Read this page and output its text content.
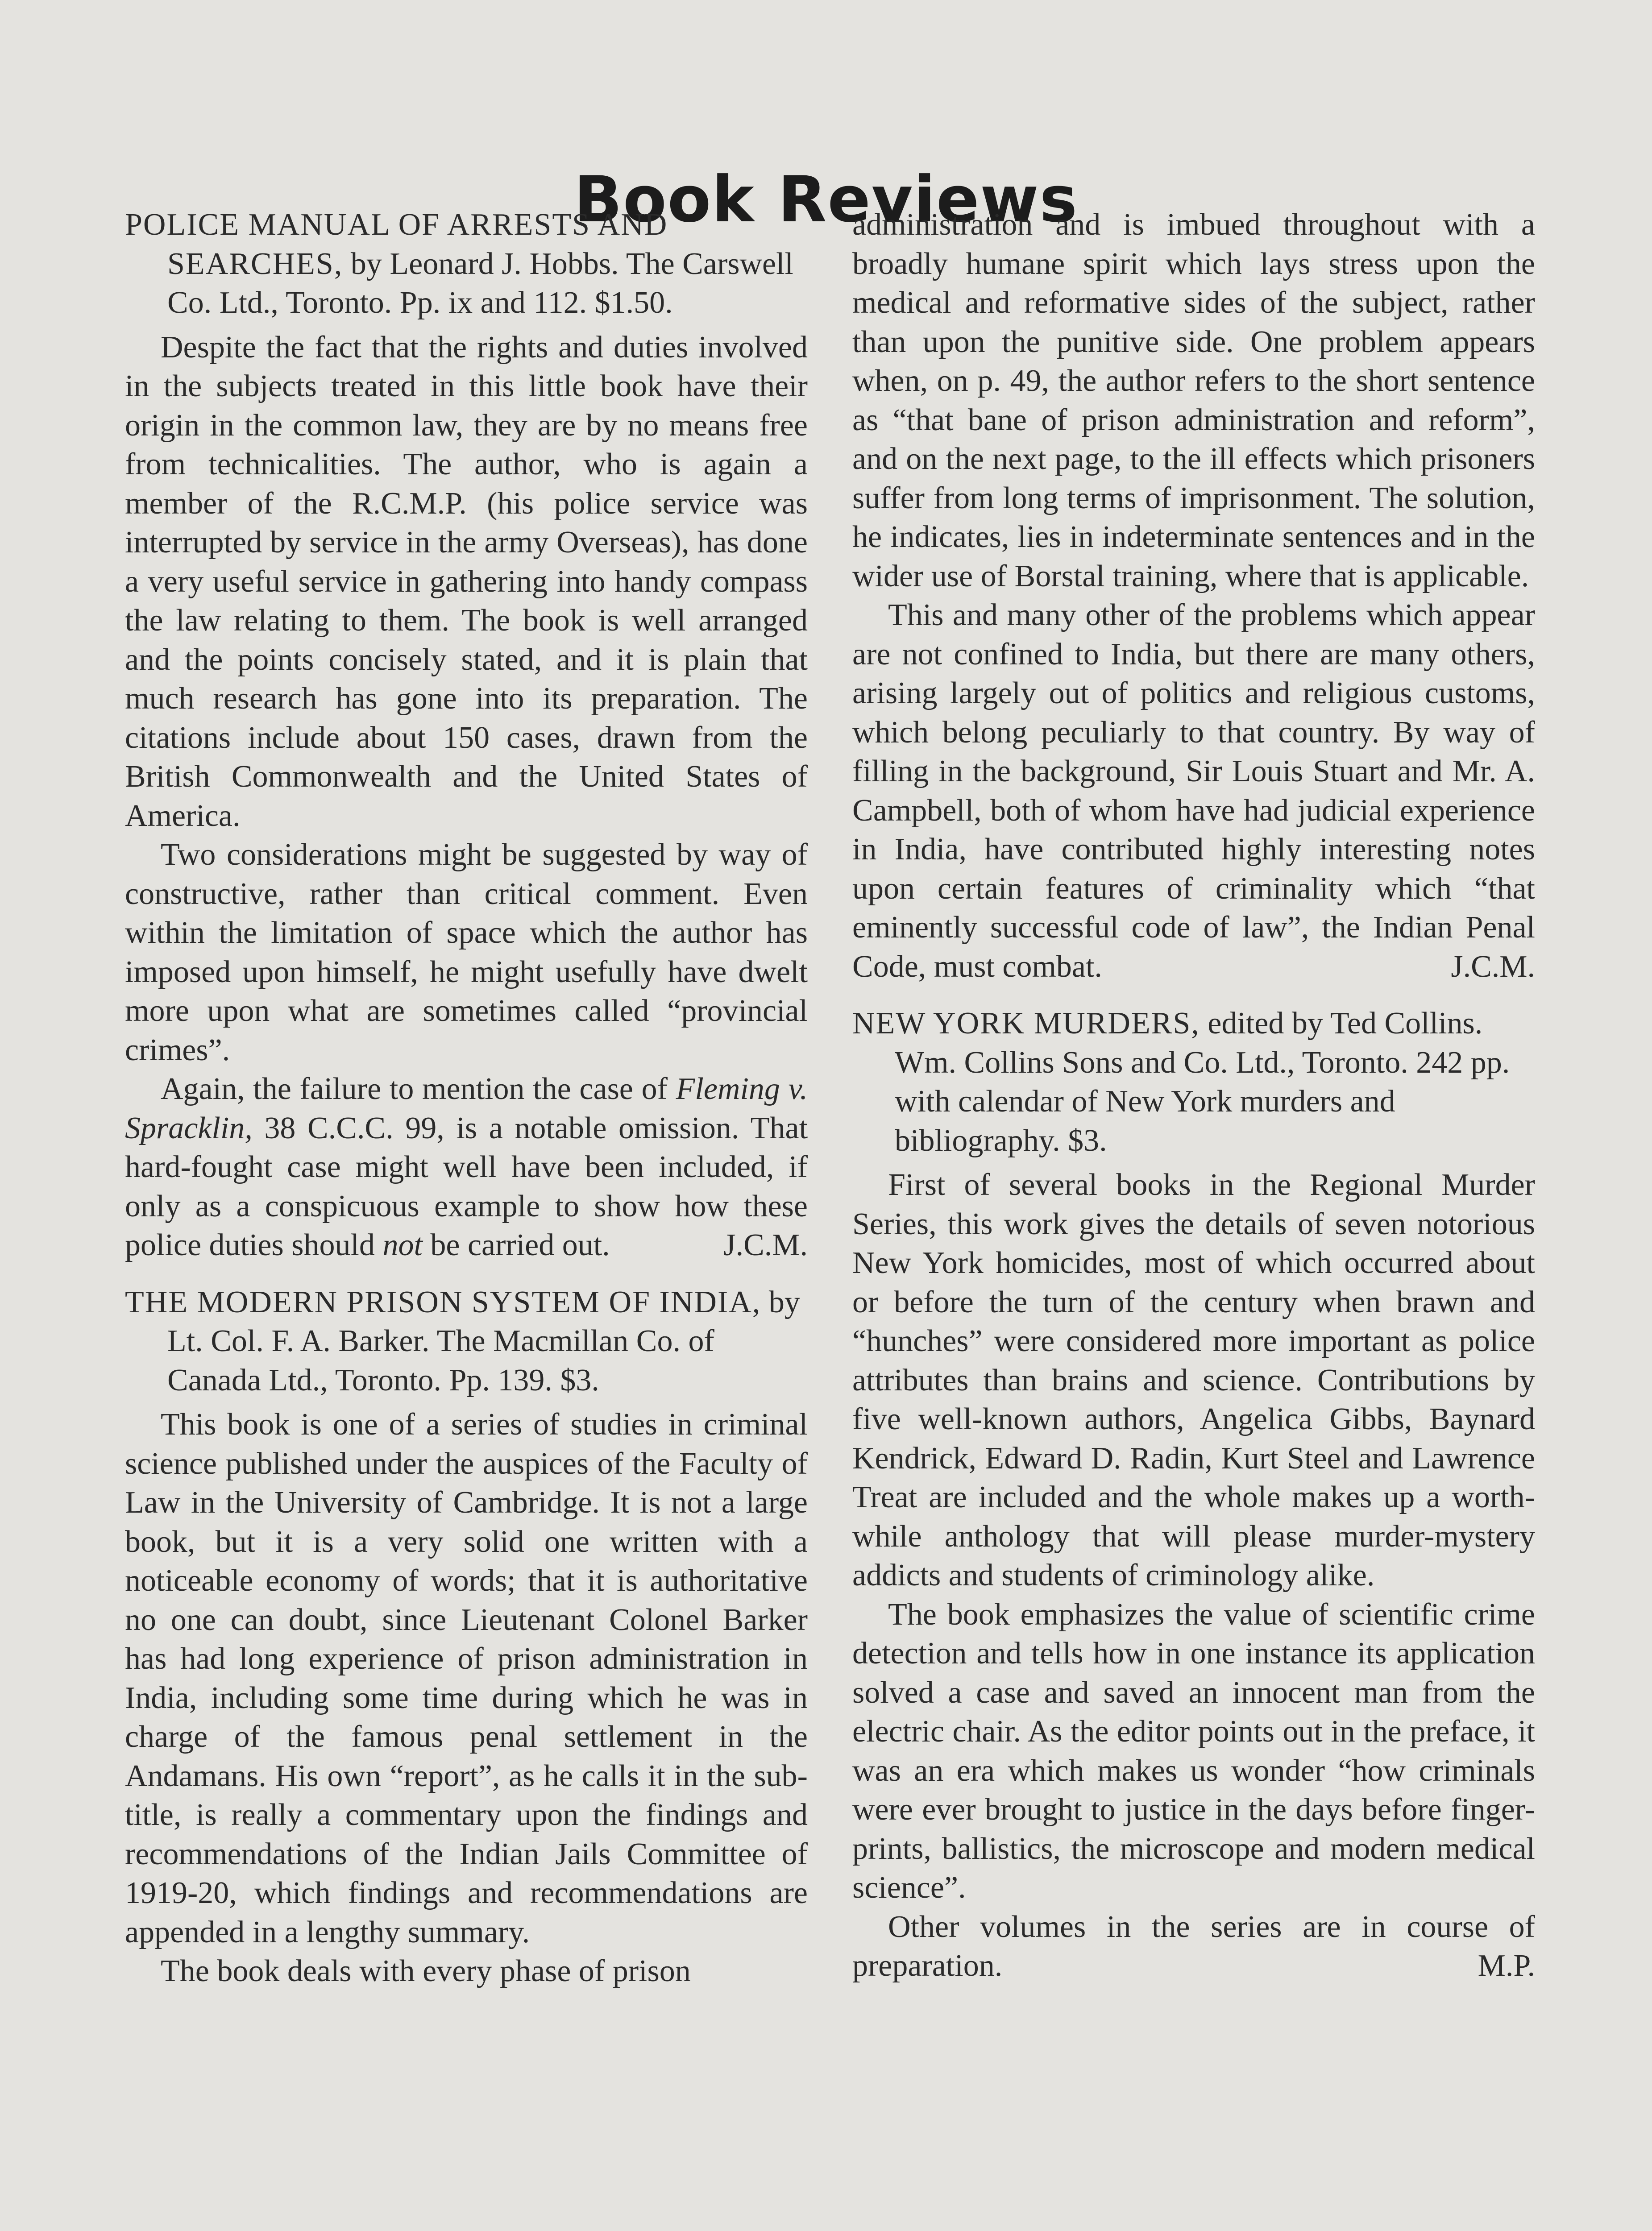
Book Reviews
POLICE MANUAL OF ARRESTS AND SEARCHES, by Leonard J. Hobbs. The Carswell Co. Ltd., Toronto. Pp. ix and 112. $1.50.

Despite the fact that the rights and duties involved in the subjects treated in this little book have their origin in the common law, they are by no means free from technicalities. The author, who is again a member of the R.C.M.P. (his police service was interrupted by service in the army Overseas), has done a very useful service in gathering into handy compass the law relating to them. The book is well arranged and the points concisely stated, and it is plain that much research has gone into its preparation. The citations include about 150 cases, drawn from the British Commonwealth and the United States of America.

Two considerations might be suggested by way of constructive, rather than critical comment. Even within the limitation of space which the author has imposed upon himself, he might usefully have dwelt more upon what are sometimes called “provincial crimes”.

Again, the failure to mention the case of Fleming v. Spracklin, 38 C.C.C. 99, is a notable omission. That hard-fought case might well have been included, if only as a conspicuous example to show how these police duties should not be carried out.	J.C.M.

THE MODERN PRISON SYSTEM OF INDIA, by Lt. Col. F. A. Barker. The Macmillan Co. of Canada Ltd., Toronto. Pp. 139. $3.

This book is one of a series of studies in criminal science published under the auspices of the Faculty of Law in the University of Cambridge. It is not a large book, but it is a very solid one written with a noticeable economy of words; that it is authoritative no one can doubt, since Lieutenant Colonel Barker has had long experience of prison administration in India, including some time during which he was in charge of the famous penal settlement in the Andamans. His own “report”, as he calls it in the sub-title, is really a commentary upon the findings and recommendations of the Indian Jails Committee of 1919-20, which findings and recommendations are appended in a lengthy summary.

The book deals with every phase of prison

administration and is imbued throughout with a broadly humane spirit which lays stress upon the medical and reformative sides of the subject, rather than upon the punitive side. One problem appears when, on p. 49, the author refers to the short sentence as “that bane of prison administration and reform”, and on the next page, to the ill effects which prisoners suffer from long terms of imprisonment. The solution, he indicates, lies in indeterminate sentences and in the wider use of Borstal training, where that is applicable.

This and many other of the problems which appear are not confined to India, but there are many others, arising largely out of politics and religious customs, which belong peculiarly to that country. By way of filling in the background, Sir Louis Stuart and Mr. A. Campbell, both of whom have had judicial experience in India, have contributed highly interesting notes upon certain features of criminality which “that eminently successful code of law”, the Indian Penal Code, must combat.	J.C.M.

NEW YORK MURDERS, edited by Ted Collins. Wm. Collins Sons and Co. Ltd., Toronto. 242 pp. with calendar of New York murders and bibliography. $3.

First of several books in the Regional Murder Series, this work gives the details of seven notorious New York homicides, most of which occurred about or before the turn of the century when brawn and “hunches” were considered more important as police attributes than brains and science. Contributions by five well-known authors, Angelica Gibbs, Baynard Kendrick, Edward D. Radin, Kurt Steel and Lawrence Treat are included and the whole makes up a worth-while anthology that will please murder-mystery addicts and students of criminology alike.

The book emphasizes the value of scientific crime detection and tells how in one instance its application solved a case and saved an innocent man from the electric chair. As the editor points out in the preface, it was an era which makes us wonder “how criminals were ever brought to justice in the days before finger-prints, ballistics, the microscope and modern medical science”.

Other volumes in the series are in course of preparation.	M.P.
